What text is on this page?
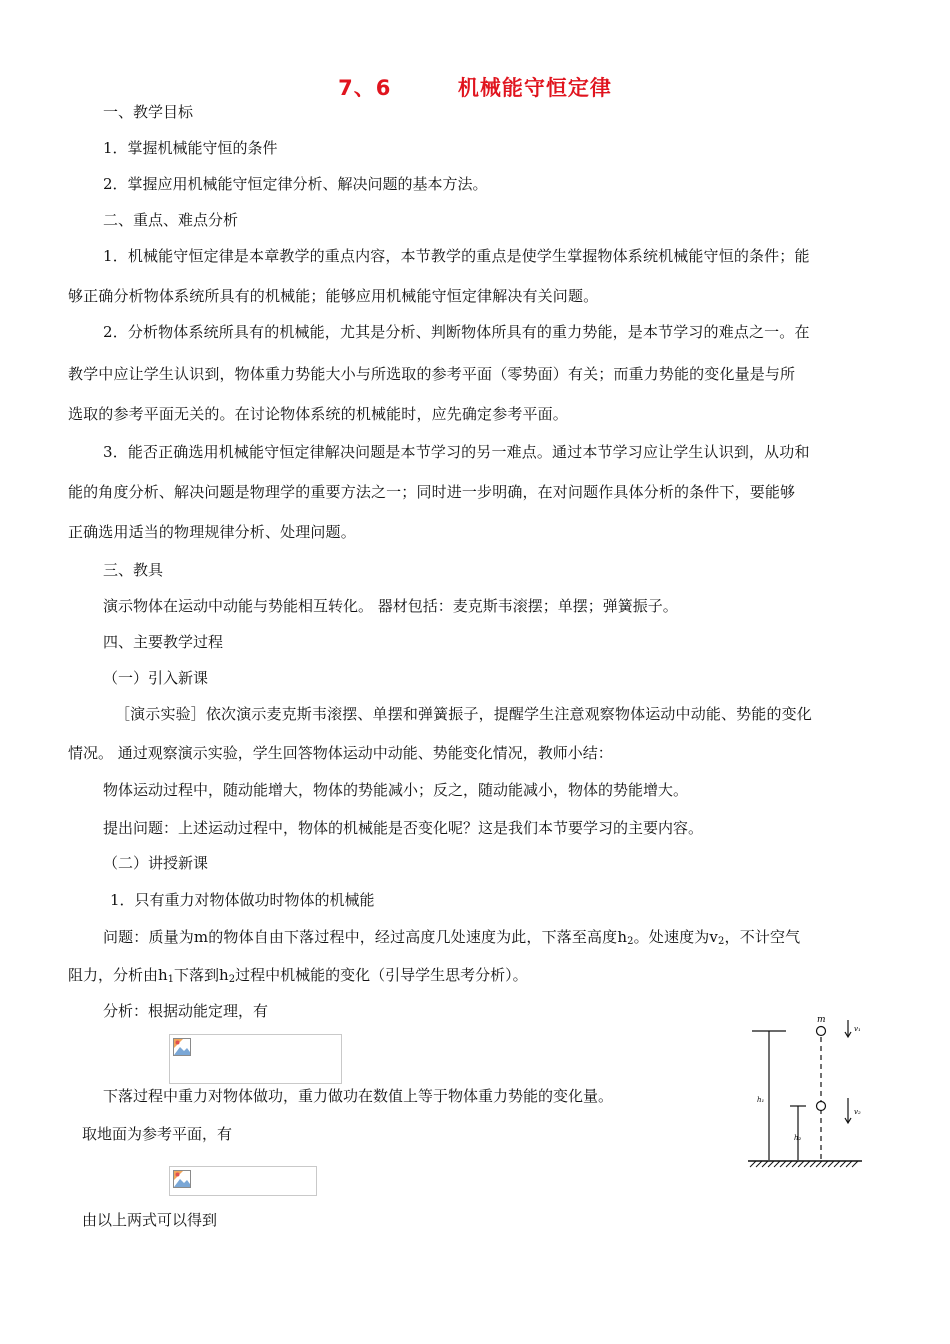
7、6        机械能守恒定律
一、教学目标
1．掌握机械能守恒的条件
2．掌握应用机械能守恒定律分析、解决问题的基本方法。
二、重点、难点分析
1．机械能守恒定律是本章教学的重点内容，本节教学的重点是使学生掌握物体系统机械能守恒的条件；能
够正确分析物体系统所具有的机械能；能够应用机械能守恒定律解决有关问题。
2．分析物体系统所具有的机械能，尤其是分析、判断物体所具有的重力势能，是本节学习的难点之一。在
教学中应让学生认识到，物体重力势能大小与所选取的参考平面（零势面）有关；而重力势能的变化量是与所
选取的参考平面无关的。在讨论物体系统的机械能时，应先确定参考平面。
3．能否正确选用机械能守恒定律解决问题是本节学习的另一难点。通过本节学习应让学生认识到，从功和
能的角度分析、解决问题是物理学的重要方法之一；同时进一步明确，在对问题作具体分析的条件下，要能够
正确选用适当的物理规律分析、处理问题。
三、教具
演示物体在运动中动能与势能相互转化。 器材包括：麦克斯韦滚摆；单摆；弹簧振子。
四、主要教学过程
（一）引入新课
［演示实验］依次演示麦克斯韦滚摆、单摆和弹簧振子，提醒学生注意观察物体运动中动能、势能的变化
情况。 通过观察演示实验，学生回答物体运动中动能、势能变化情况，教师小结：
物体运动过程中，随动能增大，物体的势能减小；反之，随动能减小，物体的势能增大。
提出问题：上述运动过程中，物体的机械能是否变化呢？这是我们本节要学习的主要内容。
（二）讲授新课
1．只有重力对物体做功时物体的机械能
问题：质量为m的物体自由下落过程中，经过高度几处速度为此，下落至高度$h_2$。处速度为$v_2$，不计空气
阻力，分析由$h_1$下落到$h_2$过程中机械能的变化（引导学生思考分析）。
分析：根据动能定理，有
下落过程中重力对物体做功，重力做功在数值上等于物体重力势能的变化量。
取地面为参考平面，有
由以上两式可以得到
m
v₁
v₂
h₁
h₂
